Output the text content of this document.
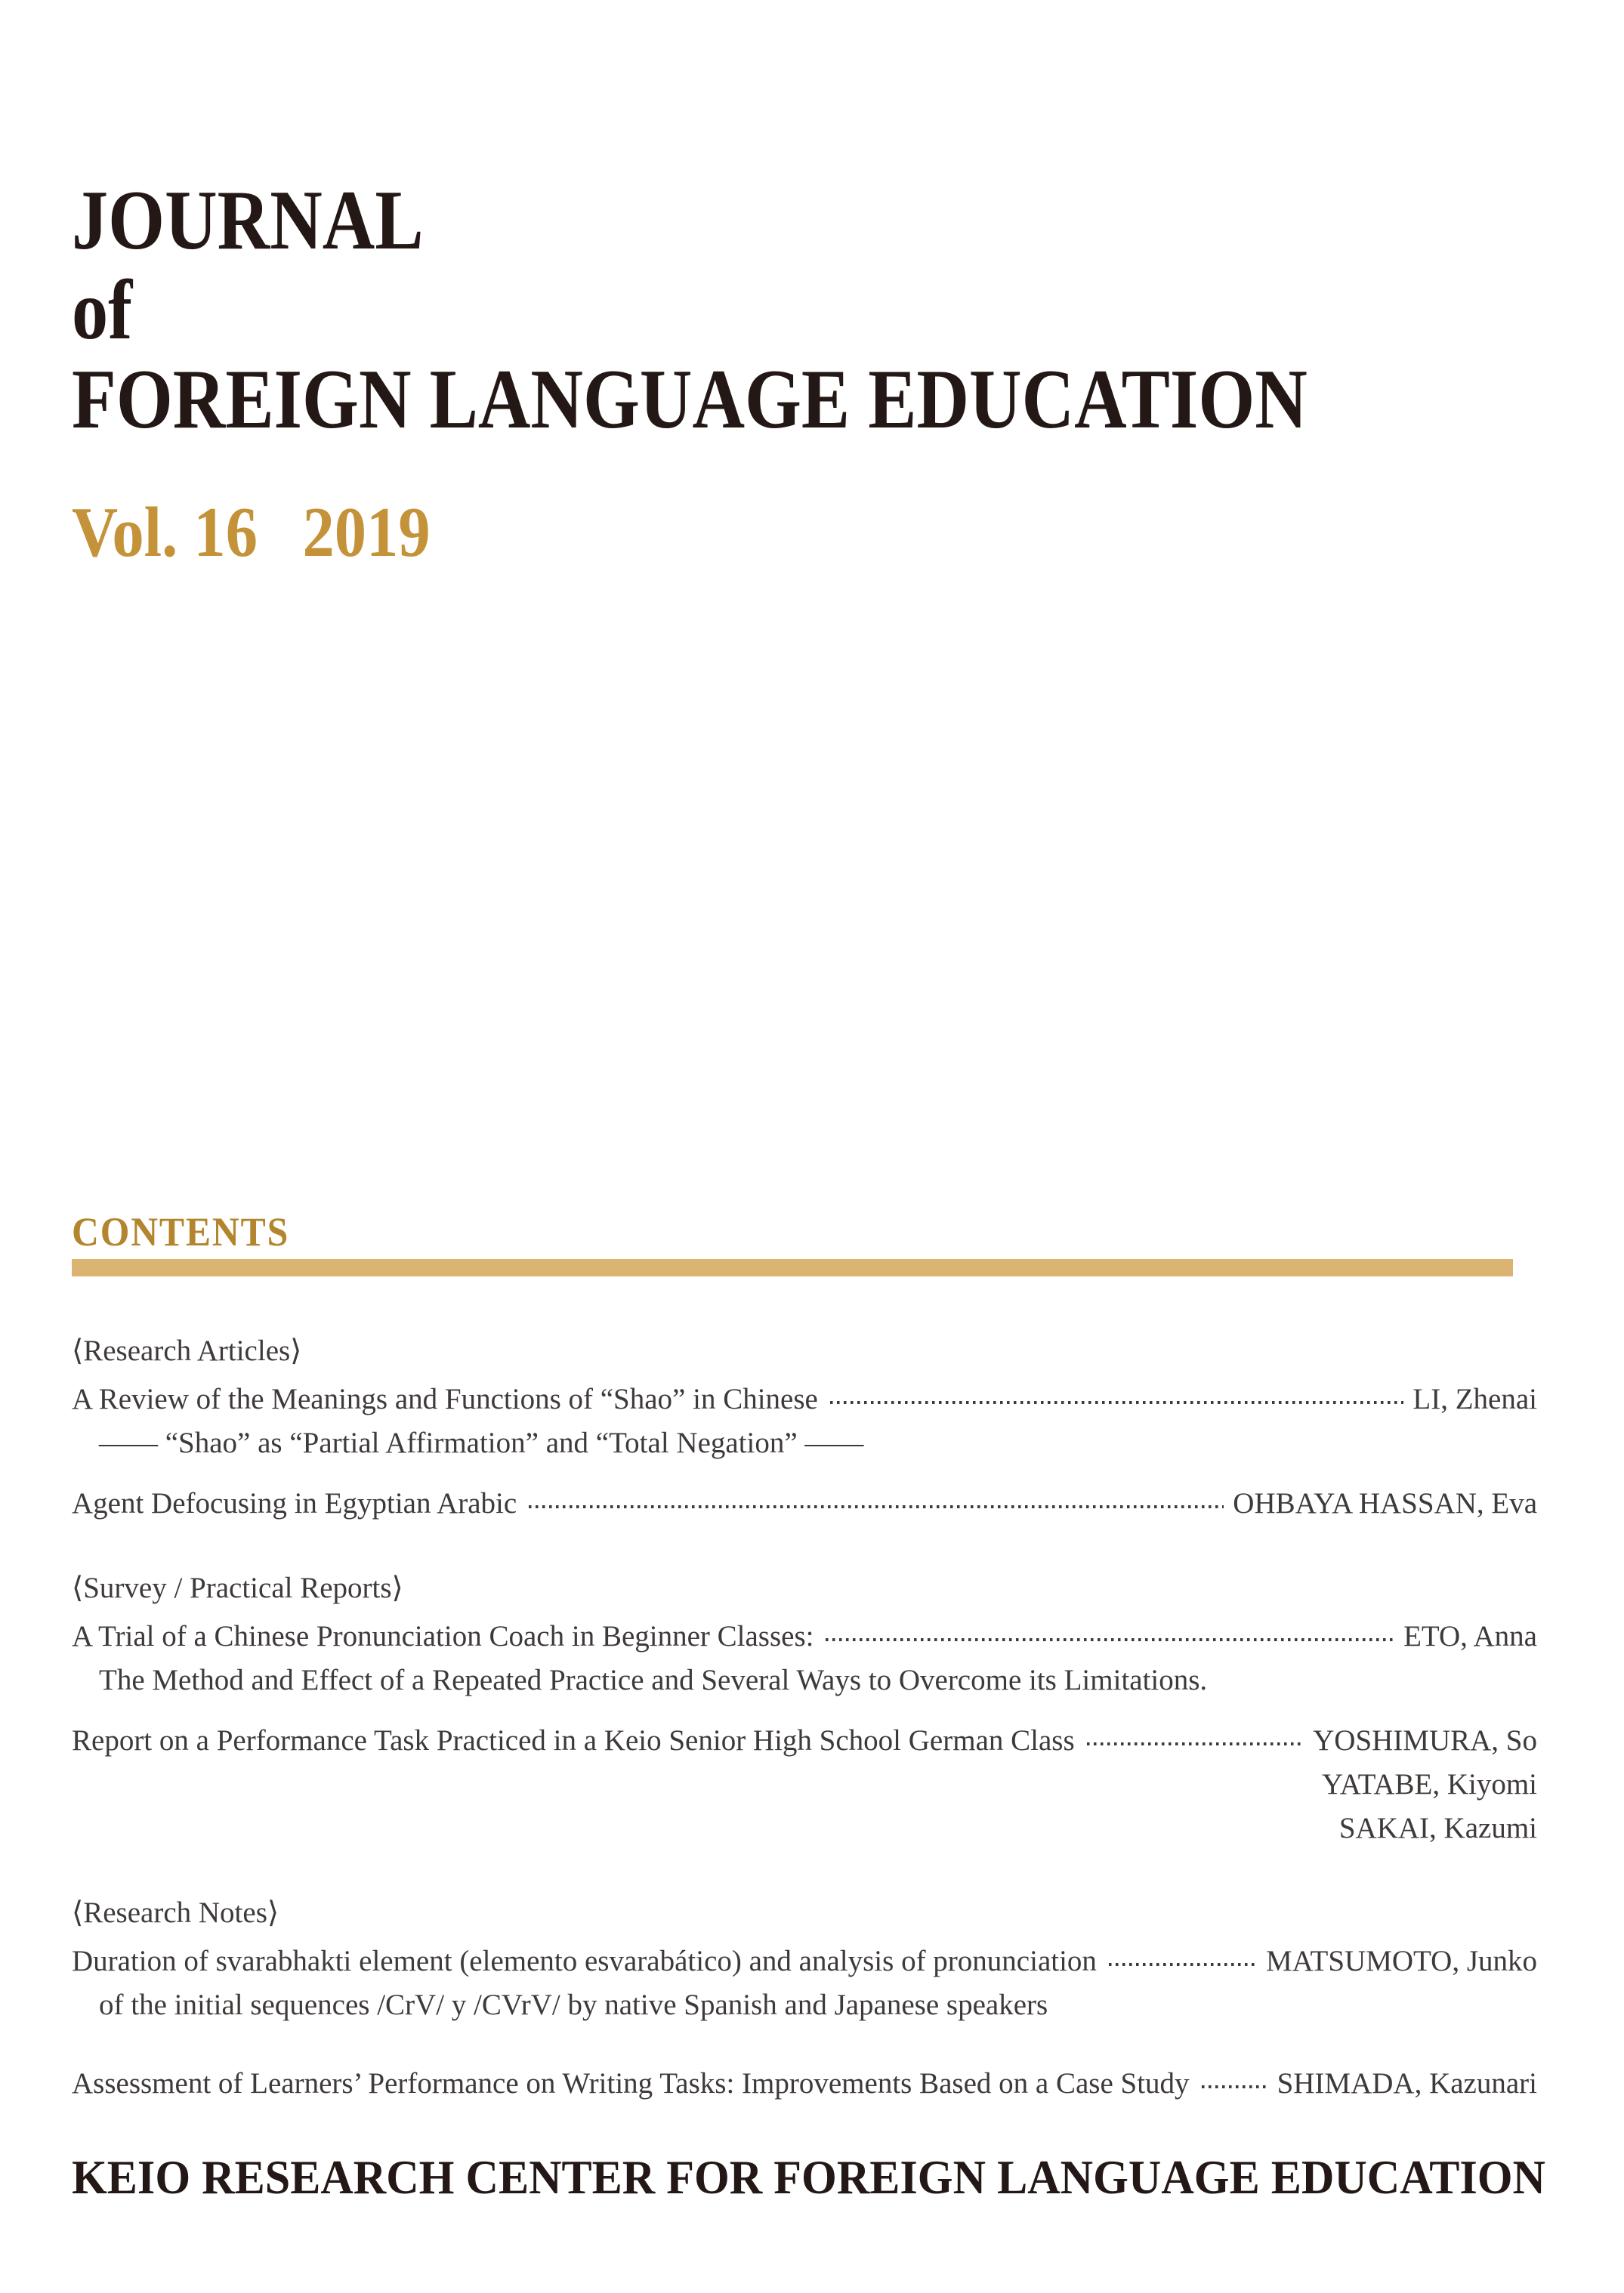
JOURNAL
of
FOREIGN LANGUAGE EDUCATION
Vol. 16 2019
CONTENTS
⟨Research Articles⟩
A Review of the Meanings and Functions of “Shao” in Chinese	LI, Zhenai
—— “Shao” as “Partial Affirmation” and “Total Negation” ——
Agent Defocusing in Egyptian Arabic	OHBAYA HASSAN, Eva
⟨Survey / Practical Reports⟩
A Trial of a Chinese Pronunciation Coach in Beginner Classes:	ETO, Anna
The Method and Effect of a Repeated Practice and Several Ways to Overcome its Limitations.
Report on a Performance Task Practiced in a Keio Senior High School German Class	YOSHIMURA, So
YATABE, Kiyomi
SAKAI, Kazumi
⟨Research Notes⟩
Duration of svarabhakti element (elemento esvarabático) and analysis of pronunciation	MATSUMOTO, Junko
of the initial sequences /CrV/ y /CVrV/ by native Spanish and Japanese speakers
Assessment of Learners’ Performance on Writing Tasks: Improvements Based on a Case Study	SHIMADA, Kazunari
KEIO RESEARCH CENTER FOR FOREIGN LANGUAGE EDUCATION
